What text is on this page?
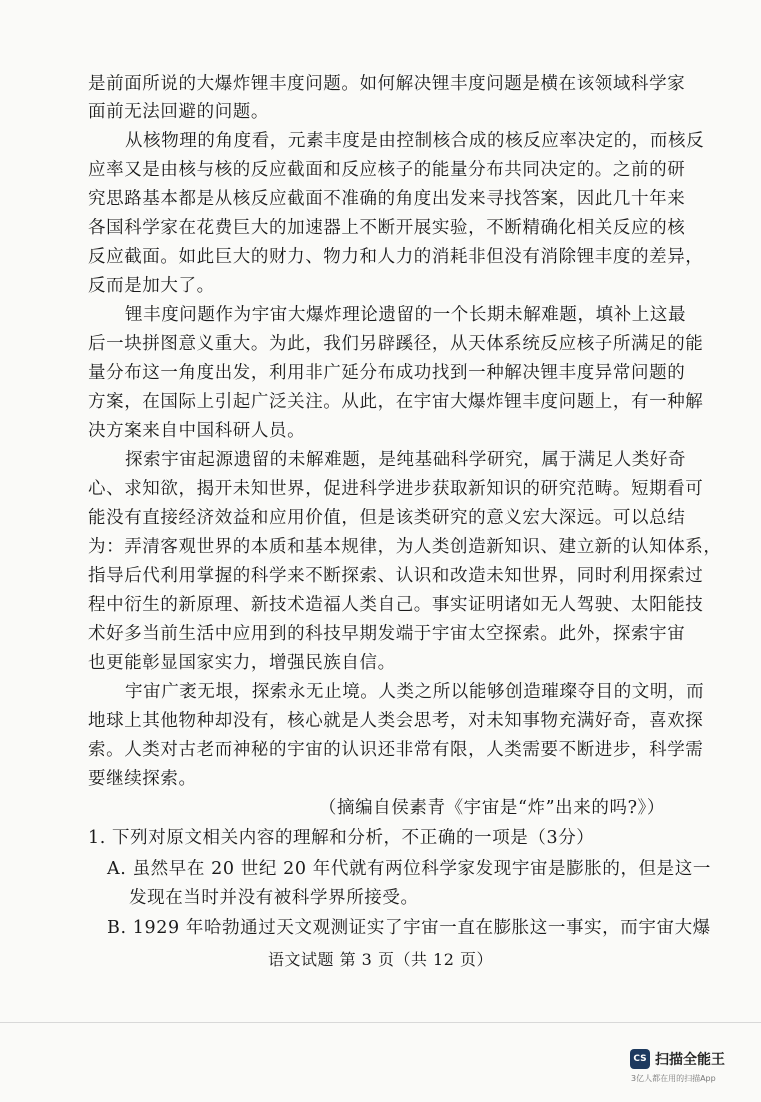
是前面所说的大爆炸锂丰度问题。如何解决锂丰度问题是横在该领域科学家
面前无法回避的问题。
从核物理的角度看，元素丰度是由控制核合成的核反应率决定的，而核反
应率又是由核与核的反应截面和反应核子的能量分布共同决定的。之前的研
究思路基本都是从核反应截面不准确的角度出发来寻找答案，因此几十年来
各国科学家在花费巨大的加速器上不断开展实验，不断精确化相关反应的核
反应截面。如此巨大的财力、物力和人力的消耗非但没有消除锂丰度的差异，
反而是加大了。
锂丰度问题作为宇宙大爆炸理论遗留的一个长期未解难题，填补上这最
后一块拼图意义重大。为此，我们另辟蹊径，从天体系统反应核子所满足的能
量分布这一角度出发，利用非广延分布成功找到一种解决锂丰度异常问题的
方案，在国际上引起广泛关注。从此，在宇宙大爆炸锂丰度问题上，有一种解
决方案来自中国科研人员。
探索宇宙起源遗留的未解难题，是纯基础科学研究，属于满足人类好奇
心、求知欲，揭开未知世界，促进科学进步获取新知识的研究范畴。短期看可
能没有直接经济效益和应用价值，但是该类研究的意义宏大深远。可以总结
为：弄清客观世界的本质和基本规律，为人类创造新知识、建立新的认知体系，
指导后代利用掌握的科学来不断探索、认识和改造未知世界，同时利用探索过
程中衍生的新原理、新技术造福人类自己。事实证明诸如无人驾驶、太阳能技
术好多当前生活中应用到的科技早期发端于宇宙太空探索。此外，探索宇宙
也更能彰显国家实力，增强民族自信。
宇宙广袤无垠，探索永无止境。人类之所以能够创造璀璨夺目的文明，而
地球上其他物种却没有，核心就是人类会思考，对未知事物充满好奇，喜欢探
索。人类对古老而神秘的宇宙的认识还非常有限，人类需要不断进步，科学需
要继续探索。
（摘编自侯素青《宇宙是“炸”出来的吗?》）
1. 下列对原文相关内容的理解和分析，不正确的一项是（3分）
A. 虽然早在 20 世纪 20 年代就有两位科学家发现宇宙是膨胀的，但是这一
发现在当时并没有被科学界所接受。
B. 1929 年哈勃通过天文观测证实了宇宙一直在膨胀这一事实，而宇宙大爆
语文试题 第 3 页（共 12 页）
CS 扫描全能王
3亿人都在用的扫描App
